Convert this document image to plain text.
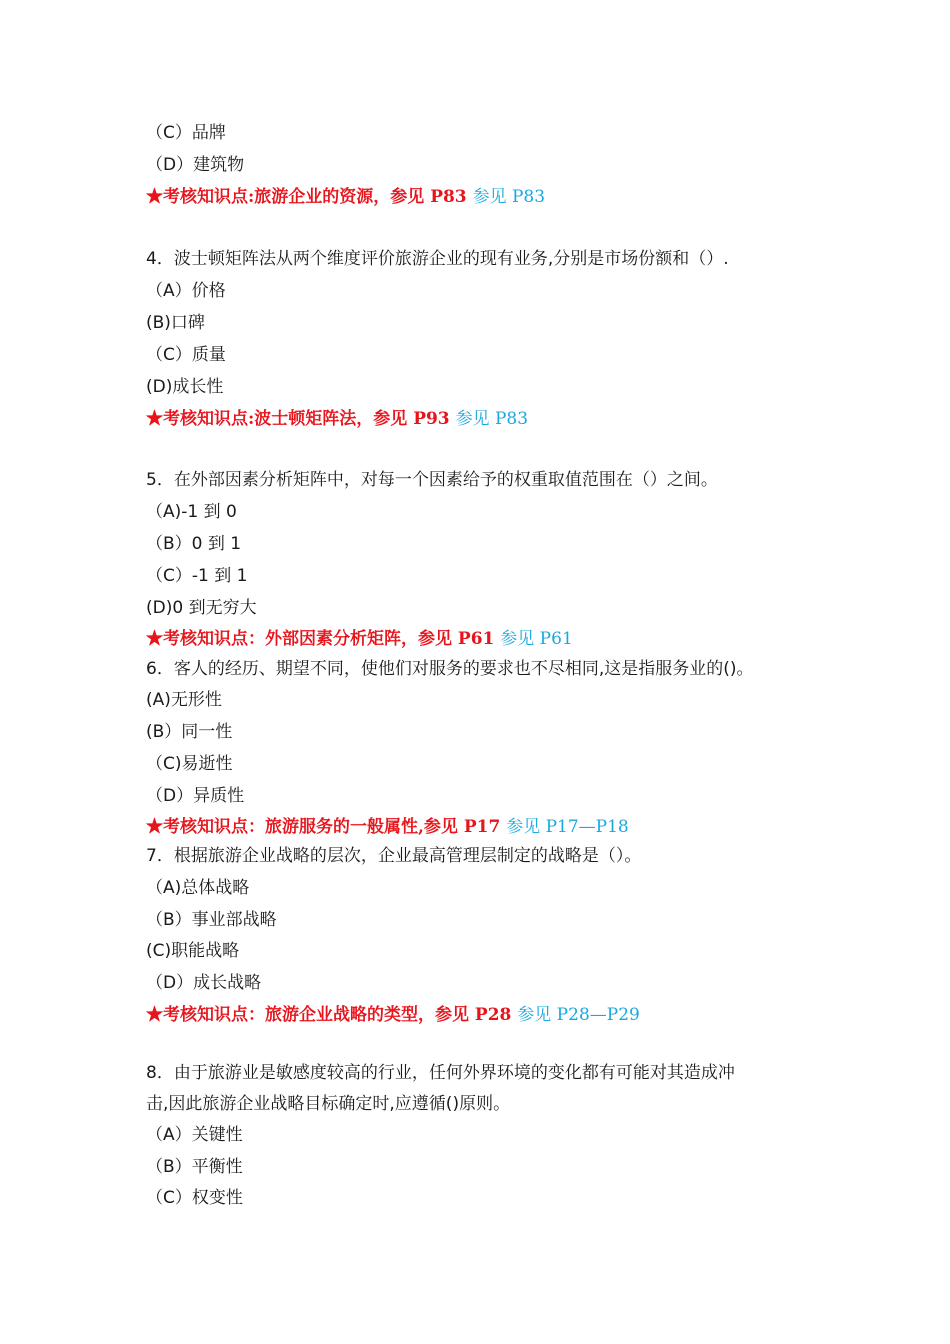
（C）品牌
（D）建筑物
★考核知识点:旅游企业的资源，参见 P83 参见 P83
4．波士顿矩阵法从两个维度评价旅游企业的现有业务,分别是市场份额和（）.
（A）价格
(B)口碑
（C）质量
(D)成长性
★考核知识点:波士顿矩阵法，参见 P93 参见 P83
5．在外部因素分析矩阵中，对每一个因素给予的权重取值范围在（）之间。
（A)-1 到 0
（B）0 到 1
（C）-1 到 1
(D)0 到无穷大
★考核知识点：外部因素分析矩阵，参见 P61 参见 P61
6．客人的经历、期望不同，使他们对服务的要求也不尽相同,这是指服务业的()。
(A)无形性
(B）同一性
（C)易逝性
（D）异质性
★考核知识点：旅游服务的一般属性,参见 P17 参见 P17—P18
7．根据旅游企业战略的层次，企业最高管理层制定的战略是（）。
（A)总体战略
（B）事业部战略
(C)职能战略
（D）成长战略
★考核知识点：旅游企业战略的类型，参见 P28 参见 P28—P29
8．由于旅游业是敏感度较高的行业，任何外界环境的变化都有可能对其造成冲
击,因此旅游企业战略目标确定时,应遵循()原则。
（A）关键性
（B）平衡性
（C）权变性
